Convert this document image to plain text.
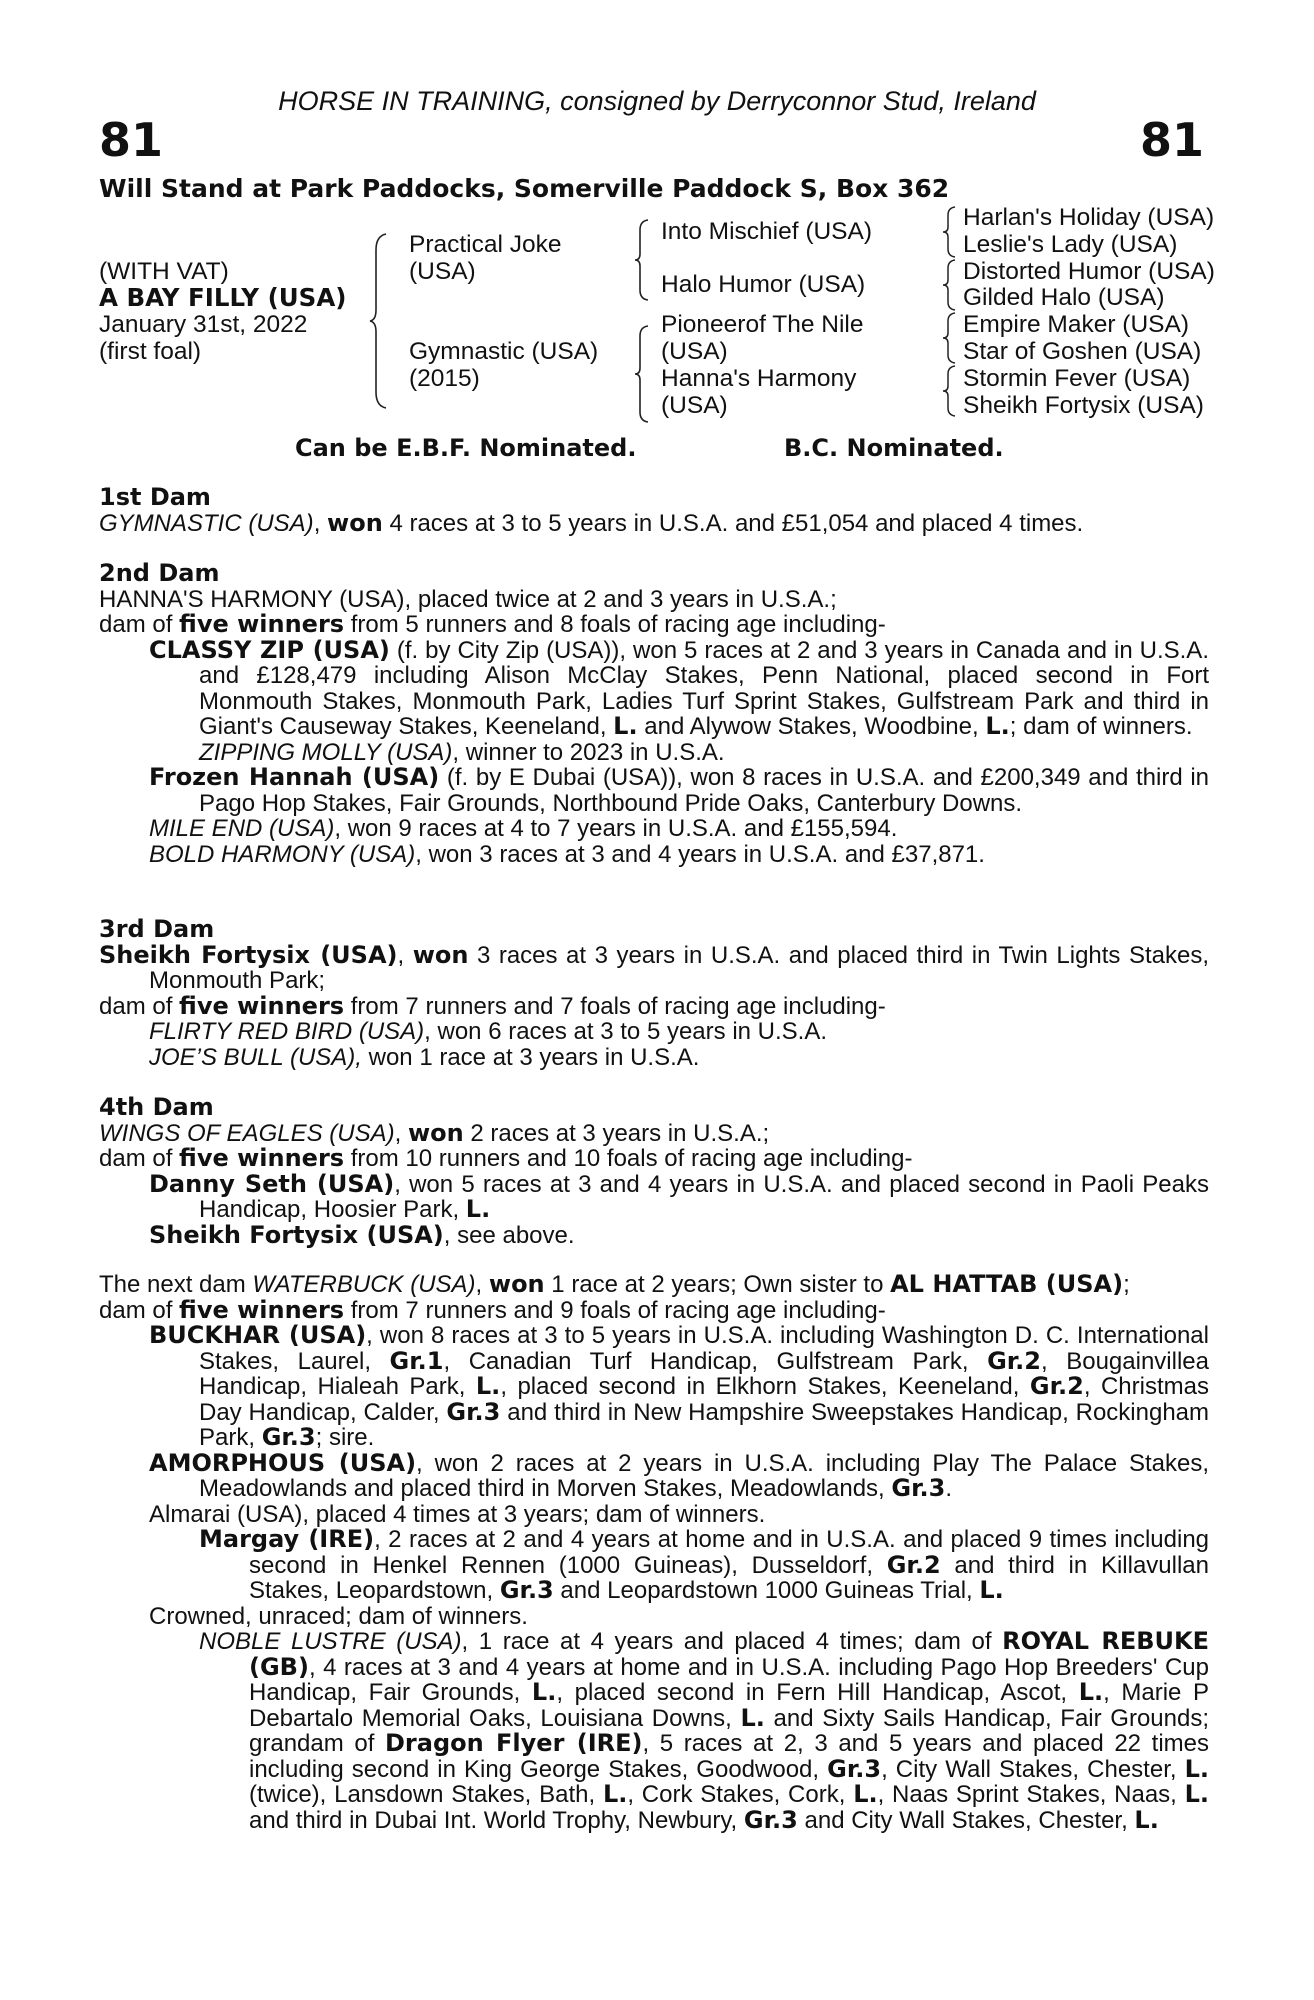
HORSE IN TRAINING, consigned by Derryconnor Stud, Ireland
81	81
Will Stand at Park Paddocks, Somerville Paddock S, Box 362
(WITH VAT)
A BAY FILLY (USA)
January 31st, 2022
(first foal)
Practical Joke
(USA)
Gymnastic (USA)
(2015)
Into Mischief (USA)
Halo Humor (USA)
Pioneerof The Nile
(USA)
Hanna's Harmony
(USA)
Harlan's Holiday (USA)
Leslie's Lady (USA)
Distorted Humor (USA)
Gilded Halo (USA)
Empire Maker (USA)
Star of Goshen (USA)
Stormin Fever (USA)
Sheikh Fortysix (USA)
Can be E.B.F. Nominated.	B.C. Nominated.
1st Dam
GYMNASTIC (USA), won 4 races at 3 to 5 years in U.S.A. and £51,054 and placed 4 times.
2nd Dam
HANNA'S HARMONY (USA), placed twice at 2 and 3 years in U.S.A.;
dam of five winners from 5 runners and 8 foals of racing age including-
CLASSY ZIP (USA) (f. by City Zip (USA)), won 5 races at 2 and 3 years in Canada and in U.S.A. and £128,479 including Alison McClay Stakes, Penn National, placed second in Fort Monmouth Stakes, Monmouth Park, Ladies Turf Sprint Stakes, Gulfstream Park and third in Giant's Causeway Stakes, Keeneland, L. and Alywow Stakes, Woodbine, L.; dam of winners.
ZIPPING MOLLY (USA), winner to 2023 in U.S.A.
Frozen Hannah (USA) (f. by E Dubai (USA)), won 8 races in U.S.A. and £200,349 and third in Pago Hop Stakes, Fair Grounds, Northbound Pride Oaks, Canterbury Downs.
MILE END (USA), won 9 races at 4 to 7 years in U.S.A. and £155,594.
BOLD HARMONY (USA), won 3 races at 3 and 4 years in U.S.A. and £37,871.
3rd Dam
Sheikh Fortysix (USA), won 3 races at 3 years in U.S.A. and placed third in Twin Lights Stakes, Monmouth Park;
dam of five winners from 7 runners and 7 foals of racing age including-
FLIRTY RED BIRD (USA), won 6 races at 3 to 5 years in U.S.A.
JOE’S BULL (USA), won 1 race at 3 years in U.S.A.
4th Dam
WINGS OF EAGLES (USA), won 2 races at 3 years in U.S.A.;
dam of five winners from 10 runners and 10 foals of racing age including-
Danny Seth (USA), won 5 races at 3 and 4 years in U.S.A. and placed second in Paoli Peaks Handicap, Hoosier Park, L.
Sheikh Fortysix (USA), see above.
The next dam WATERBUCK (USA), won 1 race at 2 years; Own sister to AL HATTAB (USA);
dam of five winners from 7 runners and 9 foals of racing age including-
BUCKHAR (USA), won 8 races at 3 to 5 years in U.S.A. including Washington D. C. International Stakes, Laurel, Gr.1, Canadian Turf Handicap, Gulfstream Park, Gr.2, Bougainvillea Handicap, Hialeah Park, L., placed second in Elkhorn Stakes, Keeneland, Gr.2, Christmas Day Handicap, Calder, Gr.3 and third in New Hampshire Sweepstakes Handicap, Rockingham Park, Gr.3; sire.
AMORPHOUS (USA), won 2 races at 2 years in U.S.A. including Play The Palace Stakes, Meadowlands and placed third in Morven Stakes, Meadowlands, Gr.3.
Almarai (USA), placed 4 times at 3 years; dam of winners.
Margay (IRE), 2 races at 2 and 4 years at home and in U.S.A. and placed 9 times including second in Henkel Rennen (1000 Guineas), Dusseldorf, Gr.2 and third in Killavullan Stakes, Leopardstown, Gr.3 and Leopardstown 1000 Guineas Trial, L.
Crowned, unraced; dam of winners.
NOBLE LUSTRE (USA), 1 race at 4 years and placed 4 times; dam of ROYAL REBUKE (GB), 4 races at 3 and 4 years at home and in U.S.A. including Pago Hop Breeders' Cup Handicap, Fair Grounds, L., placed second in Fern Hill Handicap, Ascot, L., Marie P Debartalo Memorial Oaks, Louisiana Downs, L. and Sixty Sails Handicap, Fair Grounds; grandam of Dragon Flyer (IRE), 5 races at 2, 3 and 5 years and placed 22 times including second in King George Stakes, Goodwood, Gr.3, City Wall Stakes, Chester, L. (twice), Lansdown Stakes, Bath, L., Cork Stakes, Cork, L., Naas Sprint Stakes, Naas, L. and third in Dubai Int. World Trophy, Newbury, Gr.3 and City Wall Stakes, Chester, L.
